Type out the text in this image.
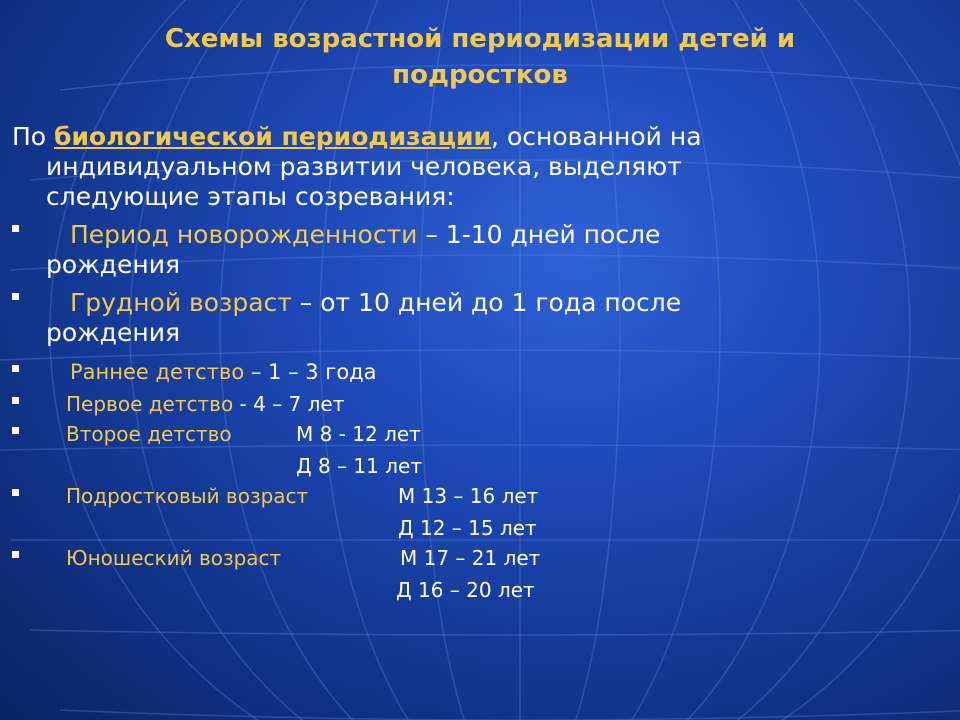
Схемы возрастной периодизации детей и
подростков
По биологической периодизации, основанной на
индивидуальном развитии человека, выделяют
следующие этапы созревания:
Период новорожденности – 1-10 дней после
рождения
Грудной возраст – от 10 дней до 1 года после
рождения
Раннее детство – 1 – 3 года
Первое детство - 4 – 7 лет
Второе детство	М 8 - 12 лет
Д 8 – 11 лет
Подростковый возраст	М 13 – 16 лет
Д 12 – 15 лет
Юношеский возраст	М 17 – 21 лет
Д 16 – 20 лет
